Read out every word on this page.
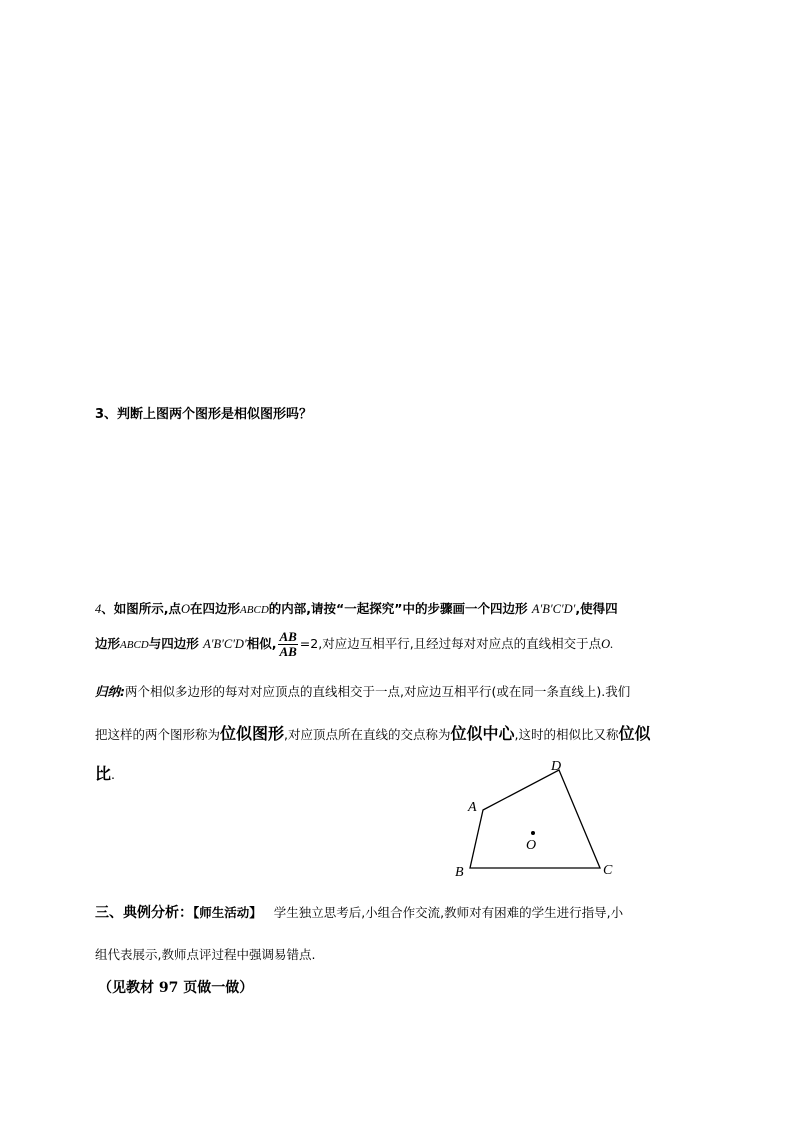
3、判断上图两个图形是相似图形吗？
4、如图所示,点O在四边形ABCD的内部,请按“一起探究”中的步骤画一个四边形 A′B′C′D′,使得四
边形ABCD与四边形 A′B′C′D′相似, $\frac{AB}{AB} =2$,对应边互相平行,且经过每对对应点的直线相交于点O.
归纳:两个相似多边形的每对对应顶点的直线相交于一点,对应边互相平行(或在同一条直线上).我们
把这样的两个图形称为位似图形,对应顶点所在直线的交点称为位似中心,这时的相似比又称位似
比.
A
B	C
D
O
三、典例分析：【师生活动】 学生独立思考后,小组合作交流,教师对有困难的学生进行指导,小
组代表展示,教师点评过程中强调易错点.
（见教材 97 页做一做）
